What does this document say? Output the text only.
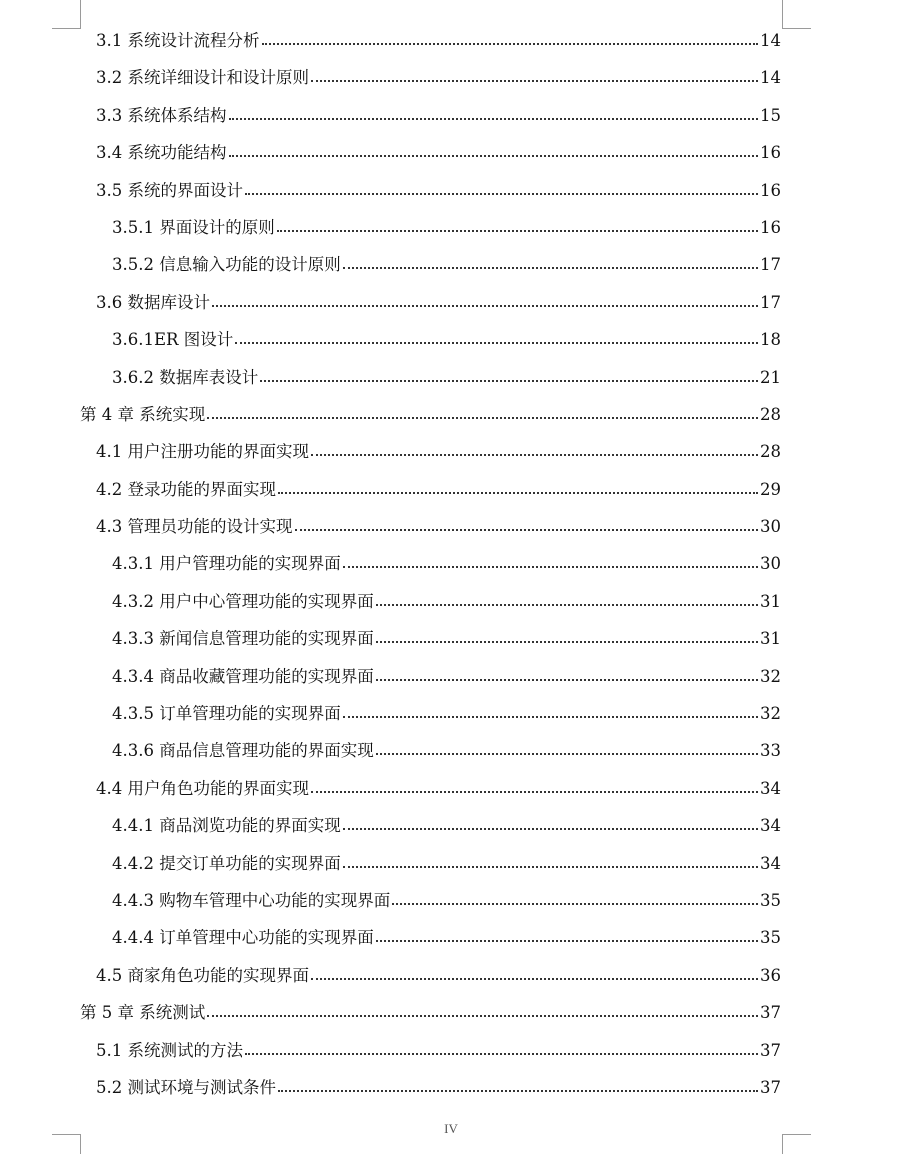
3.1 系统设计流程分析	14
3.2 系统详细设计和设计原则	14
3.3 系统体系结构	15
3.4 系统功能结构	16
3.5 系统的界面设计	16
3.5.1 界面设计的原则	16
3.5.2 信息输入功能的设计原则	17
3.6 数据库设计	17
3.6.1ER 图设计	18
3.6.2 数据库表设计	21
第 4 章 系统实现	28
4.1 用户注册功能的界面实现	28
4.2 登录功能的界面实现	29
4.3 管理员功能的设计实现	30
4.3.1 用户管理功能的实现界面	30
4.3.2 用户中心管理功能的实现界面	31
4.3.3 新闻信息管理功能的实现界面	31
4.3.4 商品收藏管理功能的实现界面	32
4.3.5 订单管理功能的实现界面	32
4.3.6 商品信息管理功能的界面实现	33
4.4 用户角色功能的界面实现	34
4.4.1 商品浏览功能的界面实现	34
4.4.2 提交订单功能的实现界面	34
4.4.3 购物车管理中心功能的实现界面	35
4.4.4 订单管理中心功能的实现界面	35
4.5 商家角色功能的实现界面	36
第 5 章 系统测试	37
5.1 系统测试的方法	37
5.2 测试环境与测试条件	37
IV
